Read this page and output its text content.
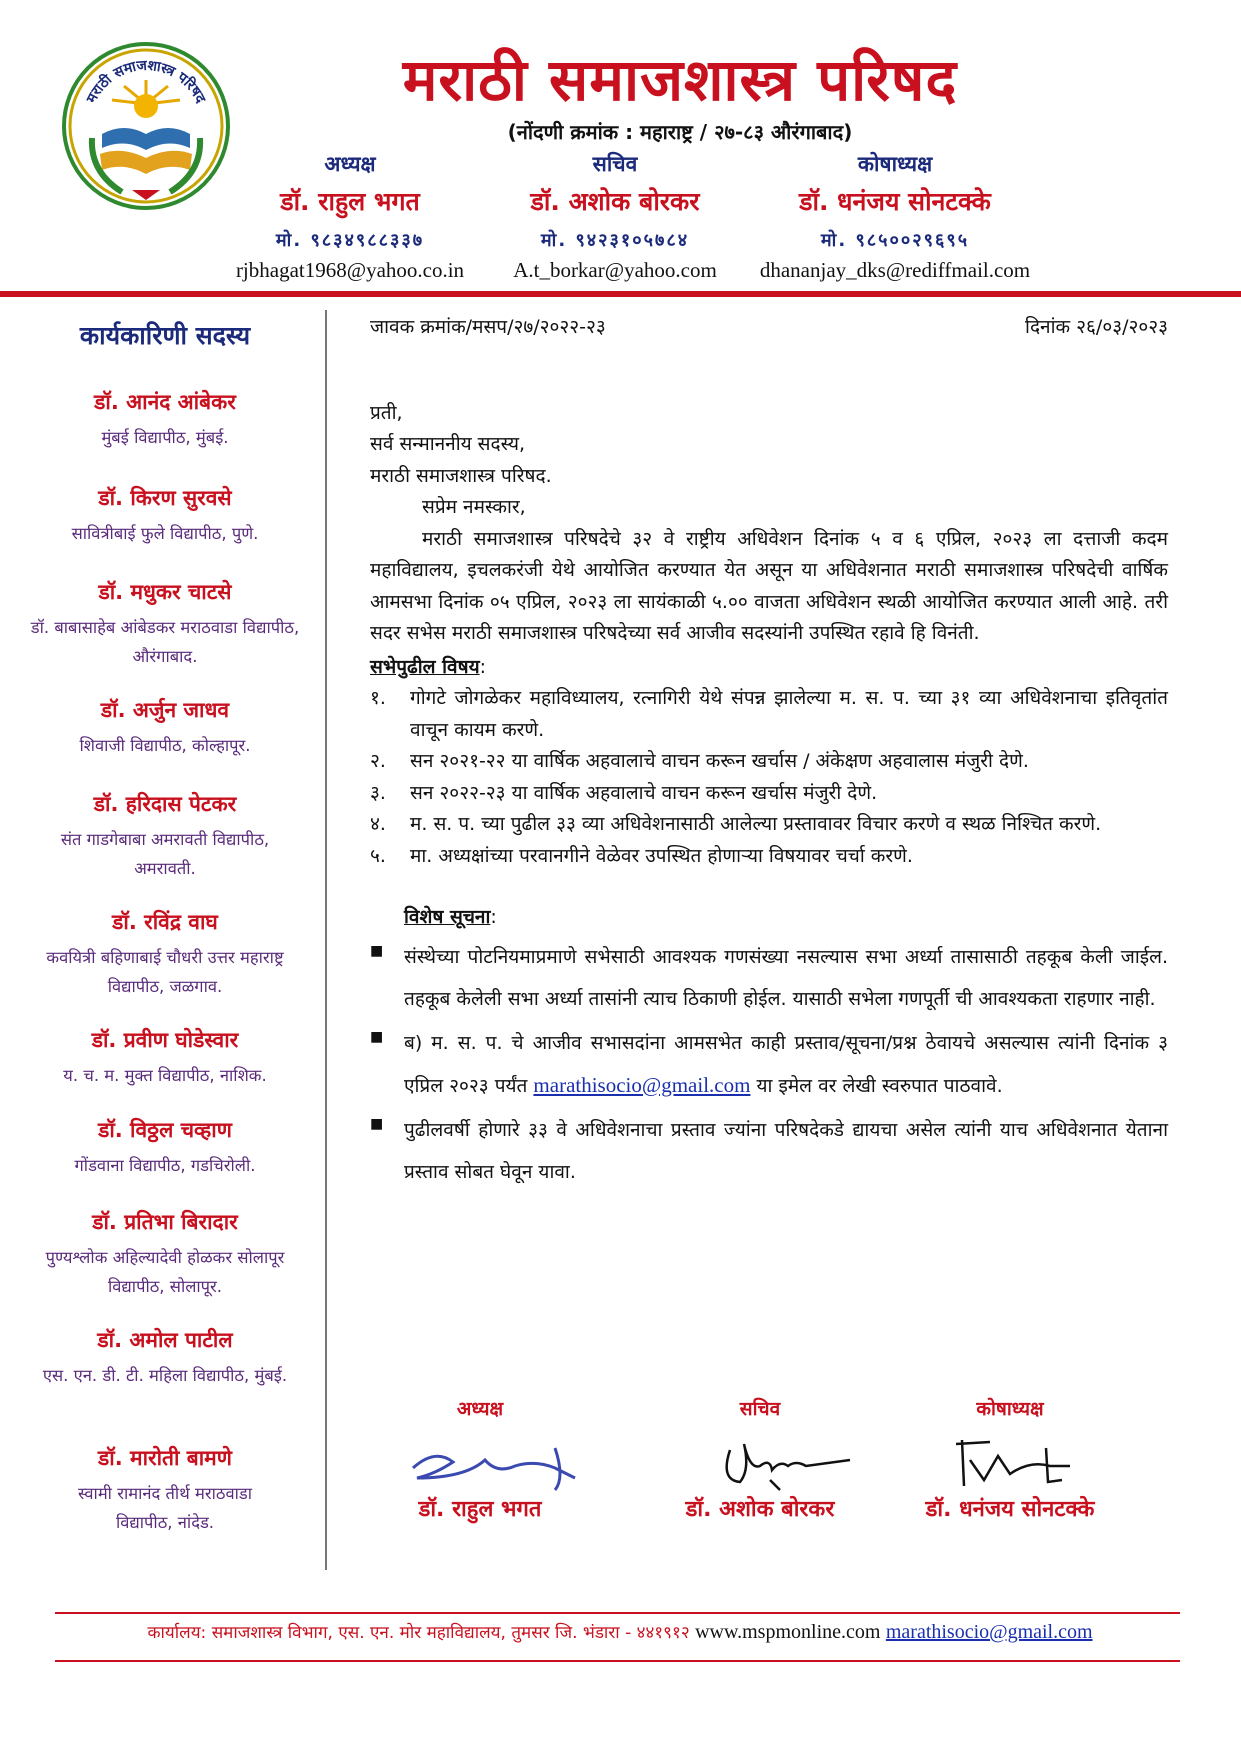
मराठी समाजशास्त्र परिषद	मराठी समाजशास्त्र परिषद
(नोंदणी क्रमांक : महाराष्ट्र / २७-८३ औरंगाबाद)
अध्यक्ष
डॉ. राहुल भगत
मो. ९८३४९८८३३७
rjbhagat1968@yahoo.co.in
सचिव
डॉ. अशोक बोरकर
मो. ९४२३१०५७८४
A.t_borkar@yahoo.com
कोषाध्यक्ष
डॉ. धनंजय सोनटक्के
मो. ९८५००२९६९५
dhananjay_dks@rediffmail.com
कार्यकारिणी सदस्य
डॉ. आनंद आंबेकर
मुंबई विद्यापीठ, मुंबई.
डॉ. किरण सुरवसे
सावित्रीबाई फुले विद्यापीठ, पुणे.
डॉ. मधुकर चाटसे
डॉ. बाबासाहेब आंबेडकर मराठवाडा विद्यापीठ, औरंगाबाद.
डॉ. अर्जुन जाधव
शिवाजी विद्यापीठ, कोल्हापूर.
डॉ. हरिदास पेटकर
संत गाडगेबाबा अमरावती विद्यापीठ, अमरावती.
डॉ. रविंद्र वाघ
कवयित्री बहिणाबाई चौधरी उत्तर महाराष्ट्र विद्यापीठ, जळगाव.
डॉ. प्रवीण घोडेस्वार
य. च. म. मुक्त विद्यापीठ, नाशिक.
डॉ. विठ्ठल चव्हाण
गोंडवाना विद्यापीठ, गडचिरोली.
डॉ. प्रतिभा बिरादार
पुण्यश्लोक अहिल्यादेवी होळकर सोलापूर विद्यापीठ, सोलापूर.
डॉ. अमोल पाटील
एस. एन. डी. टी. महिला विद्यापीठ, मुंबई.
डॉ. मारोती बामणे
स्वामी रामानंद तीर्थ मराठवाडा विद्यापीठ, नांदेड.
जावक क्रमांक/मसप/२७/२०२२-२३	दिनांक २६/०३/२०२३
प्रती,
सर्व सन्माननीय सदस्य,
मराठी समाजशास्त्र परिषद.
सप्रेम नमस्कार,
मराठी समाजशास्त्र परिषदेचे ३२ वे राष्ट्रीय अधिवेशन दिनांक ५ व ६ एप्रिल, २०२३ ला दत्ताजी कदम महाविद्यालय, इचलकरंजी येथे आयोजित करण्यात येत असून या अधिवेशनात मराठी समाजशास्त्र परिषदेची वार्षिक आमसभा दिनांक ०५ एप्रिल, २०२३ ला सायंकाळी ५.०० वाजता अधिवेशन स्थळी आयोजित करण्यात आली आहे. तरी सदर सभेस मराठी समाजशास्त्र परिषदेच्या सर्व आजीव सदस्यांनी उपस्थित रहावे हि विनंती.
सभेपुढील विषय:
१.	गोगटे जोगळेकर महाविध्यालय, रत्नागिरी येथे संपन्न झालेल्या म. स. प. च्या ३१ व्या अधिवेशनाचा इतिवृतांत वाचून कायम करणे.
२.	सन २०२१-२२ या वार्षिक अहवालाचे वाचन करून खर्चास / अंकेक्षण अहवालास मंजुरी देणे.
३.	सन २०२२-२३ या वार्षिक अहवालाचे वाचन करून खर्चास मंजुरी देणे.
४.	म. स. प. च्या पुढील ३३ व्या अधिवेशनासाठी आलेल्या प्रस्तावावर विचार करणे व स्थळ निश्चित करणे.
५.	मा. अध्यक्षांच्या परवानगीने वेळेवर उपस्थित होणाऱ्या विषयावर चर्चा करणे.
विशेष सूचना:
■	संस्थेच्या पोटनियमाप्रमाणे सभेसाठी आवश्यक गणसंख्या नसल्यास सभा अर्ध्या तासासाठी तहकूब केली जाईल. तहकूब केलेली सभा अर्ध्या तासांनी त्याच ठिकाणी होईल. यासाठी सभेला गणपूर्ती ची आवश्यकता राहणार नाही.
■	ब) म. स. प. चे आजीव सभासदांना आमसभेत काही प्रस्ताव/सूचना/प्रश्न ठेवायचे असल्यास त्यांनी दिनांक ३ एप्रिल २०२३ पर्यंत marathisocio@gmail.com या इमेल वर लेखी स्वरुपात पाठवावे.
■	पुढीलवर्षी होणारे ३३ वे अधिवेशनाचा प्रस्ताव ज्यांना परिषदेकडे द्यायचा असेल त्यांनी याच अधिवेशनात येताना प्रस्ताव सोबत घेवून यावा.
अध्यक्ष
डॉ. राहुल भगत
सचिव
डॉ. अशोक बोरकर
कोषाध्यक्ष
डॉ. धनंजय सोनटक्के
कार्यालय: समाजशास्त्र विभाग, एस. एन. मोर महाविद्यालय, तुमसर जि. भंडारा - ४४१९१२ www.mspmonline.com marathisocio@gmail.com
